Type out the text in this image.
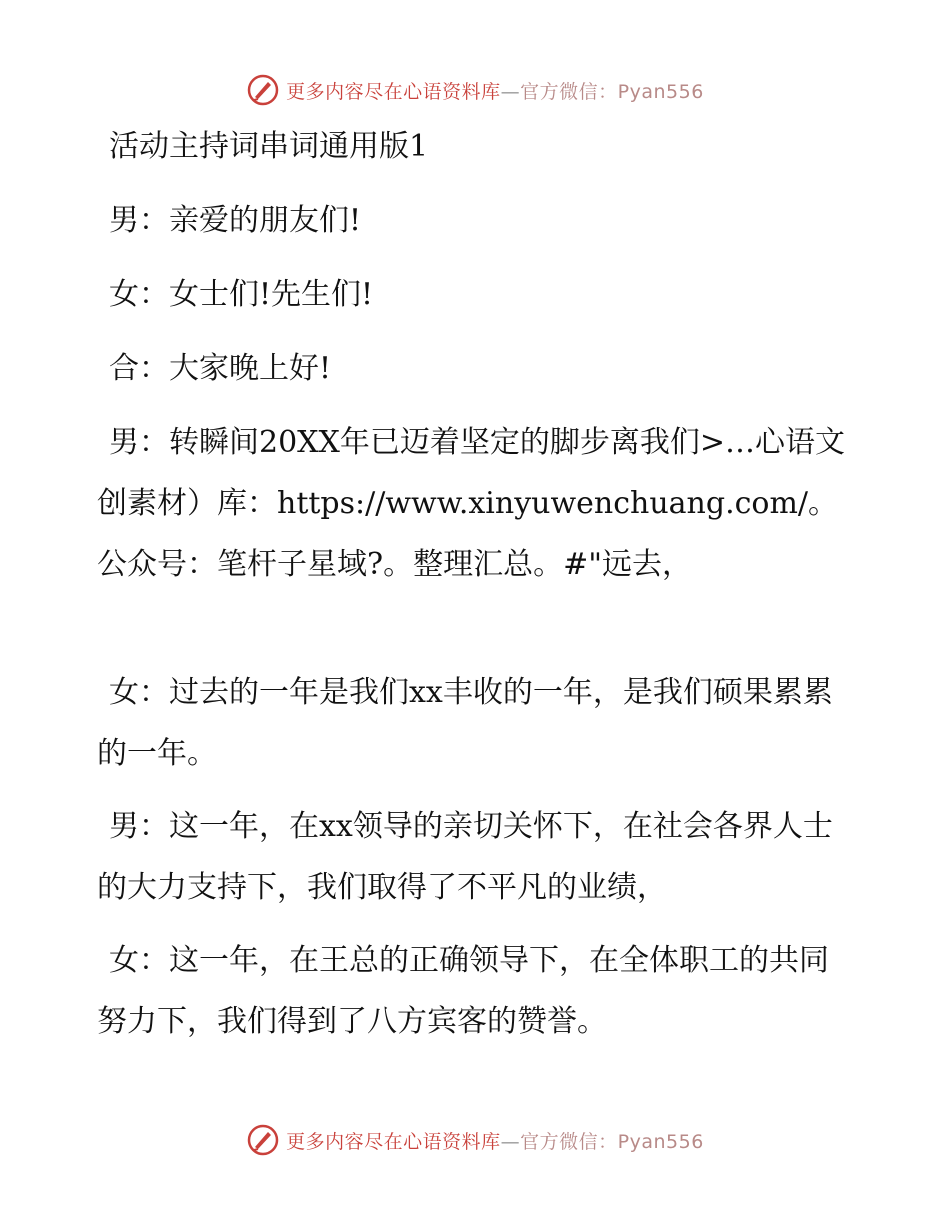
更多内容尽在心语资料库—官方微信：Pyan556
活动主持词串词通用版1
男：亲爱的朋友们!
女：女士们!先生们!
合：大家晚上好!
男：转瞬间20XX年已迈着坚定的脚步离我们>…心语文创素材）库：https://www.xinyuwenchuang.com/。公众号：笔杆子星域?。整理汇总。#"远去，
女：过去的一年是我们xx丰收的一年，是我们硕果累累的一年。
男：这一年，在xx领导的亲切关怀下，在社会各界人士的大力支持下，我们取得了不平凡的业绩，
女：这一年，在王总的正确领导下，在全体职工的共同努力下，我们得到了八方宾客的赞誉。
更多内容尽在心语资料库—官方微信：Pyan556
